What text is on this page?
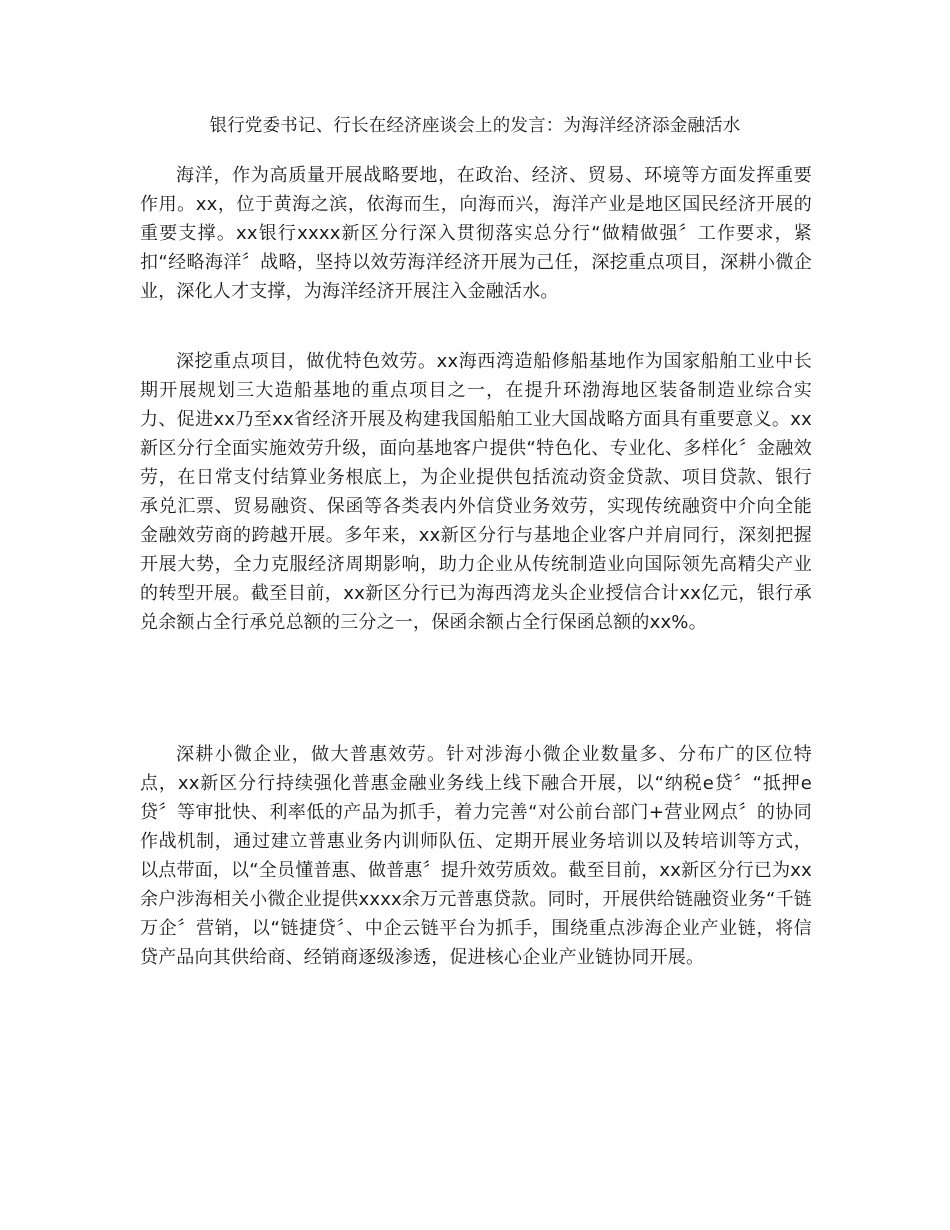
银行党委书记、行长在经济座谈会上的发言：为海洋经济添金融活水

海洋，作为高质量开展战略要地，在政治、经济、贸易、环境等方面发挥重要作用。xx，位于黄海之滨，依海而生，向海而兴，海洋产业是地区国民经济开展的重要支撑。xx银行xxxx新区分行深入贯彻落实总分行“做精做强〞工作要求，紧扣“经略海洋〞战略，坚持以效劳海洋经济开展为己任，深挖重点项目，深耕小微企业，深化人才支撑，为海洋经济开展注入金融活水。

深挖重点项目，做优特色效劳。xx海西湾造船修船基地作为国家船舶工业中长期开展规划三大造船基地的重点项目之一，在提升环渤海地区装备制造业综合实力、促进xx乃至xx省经济开展及构建我国船舶工业大国战略方面具有重要意义。xx新区分行全面实施效劳升级，面向基地客户提供“特色化、专业化、多样化〞金融效劳，在日常支付结算业务根底上，为企业提供包括流动资金贷款、项目贷款、银行承兑汇票、贸易融资、保函等各类表内外信贷业务效劳，实现传统融资中介向全能金融效劳商的跨越开展。多年来，xx新区分行与基地企业客户并肩同行，深刻把握开展大势，全力克服经济周期影响，助力企业从传统制造业向国际领先高精尖产业的转型开展。截至目前，xx新区分行已为海西湾龙头企业授信合计xx亿元，银行承兑余额占全行承兑总额的三分之一，保函余额占全行保函总额的xx%。

深耕小微企业，做大普惠效劳。针对涉海小微企业数量多、分布广的区位特点，xx新区分行持续强化普惠金融业务线上线下融合开展，以“纳税e贷〞“抵押e贷〞等审批快、利率低的产品为抓手，着力完善“对公前台部门+营业网点〞的协同作战机制，通过建立普惠业务内训师队伍、定期开展业务培训以及转培训等方式，以点带面，以“全员懂普惠、做普惠〞提升效劳质效。截至目前，xx新区分行已为xx余户涉海相关小微企业提供xxxx余万元普惠贷款。同时，开展供给链融资业务“千链万企〞营销，以“链捷贷〞、中企云链平台为抓手，围绕重点涉海企业产业链，将信贷产品向其供给商、经销商逐级渗透，促进核心企业产业链协同开展。
